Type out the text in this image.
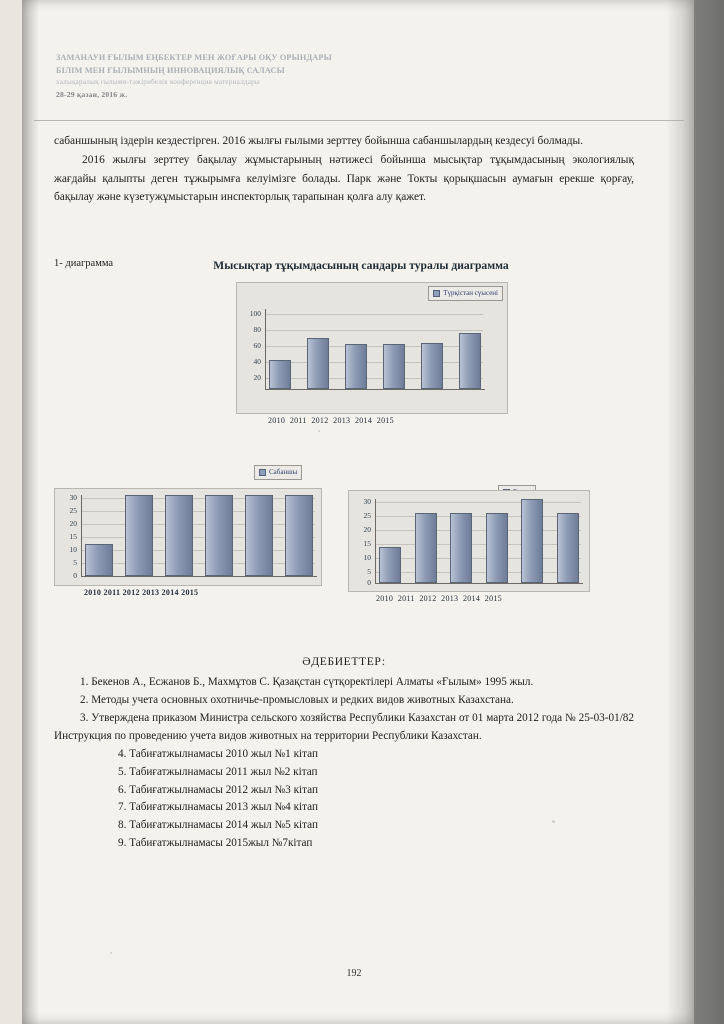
ЗАМАНАУИ ҒЫЛЫМ ЕҢБЕКТЕР МЕН ЖОҒАРЫ ОҚУ ОРЫНДАРЫ
БІЛІМ МЕН ҒЫЛЫМНЫҢ ИННОВАЦИЯЛЫҚ САЛАСЫ
халықаралық ғылыми-тәжірибелік конференция материалдары
28-29 қазан, 2016 ж.

сабаншының іздерін кездестірген. 2016 жылғы ғылыми зерттеу бойынша сабаншылардың кездесуі болмады.

2016 жылғы зерттеу бақылау жұмыстарының нәтижесі бойынша мысықтар тұқымдасының экологиялық жағдайы қалыпты деген тұжырымға келуімізге болады. Парк және Токты қорықшасын аумағын ерекше қорғау, бақылау және күзетужұмыстарын инспекторлық тарапынан қолға алу қажет.

1- диаграмма	Мысықтар тұқымдасының сандары туралы диаграмма
Түрқістан сүысені
100
80
60
40
20
2010 2011 2012 2013 2014 2015
Сабаншы
30
25
20
15
10
5
0
2010 2011 2012 2013 2014 2015
30
25
20
15
10
5
0
2010 2011 2012 2013 2014 2015
ӘДЕБИЕТТЕР:

1. Бекенов А., Есжанов Б., Махмұтов С. Қазақстан сүтқоректілері Алматы «Ғылым» 1995 жыл.

2. Методы учета основных охотничье-промысловых и редких видов животных Казахстана.

3. Утверждена приказом Министра сельского хозяйства Республики Казахстан от 01 марта 2012 года № 25-03-01/82 Инструкция по проведению учета видов животных на территории Республики Казахстан.

4. Табиғатжылнамасы 2010 жыл №1 кітап

5. Табиғатжылнамасы 2011 жыл №2 кітап

6. Табиғатжылнамасы 2012 жыл №3 кітап

7. Табиғатжылнамасы 2013 жыл №4 кітап

8. Табиғатжылнамасы 2014 жыл №5 кітап

9. Табиғатжылнамасы 2015жыл №7кітап

192
